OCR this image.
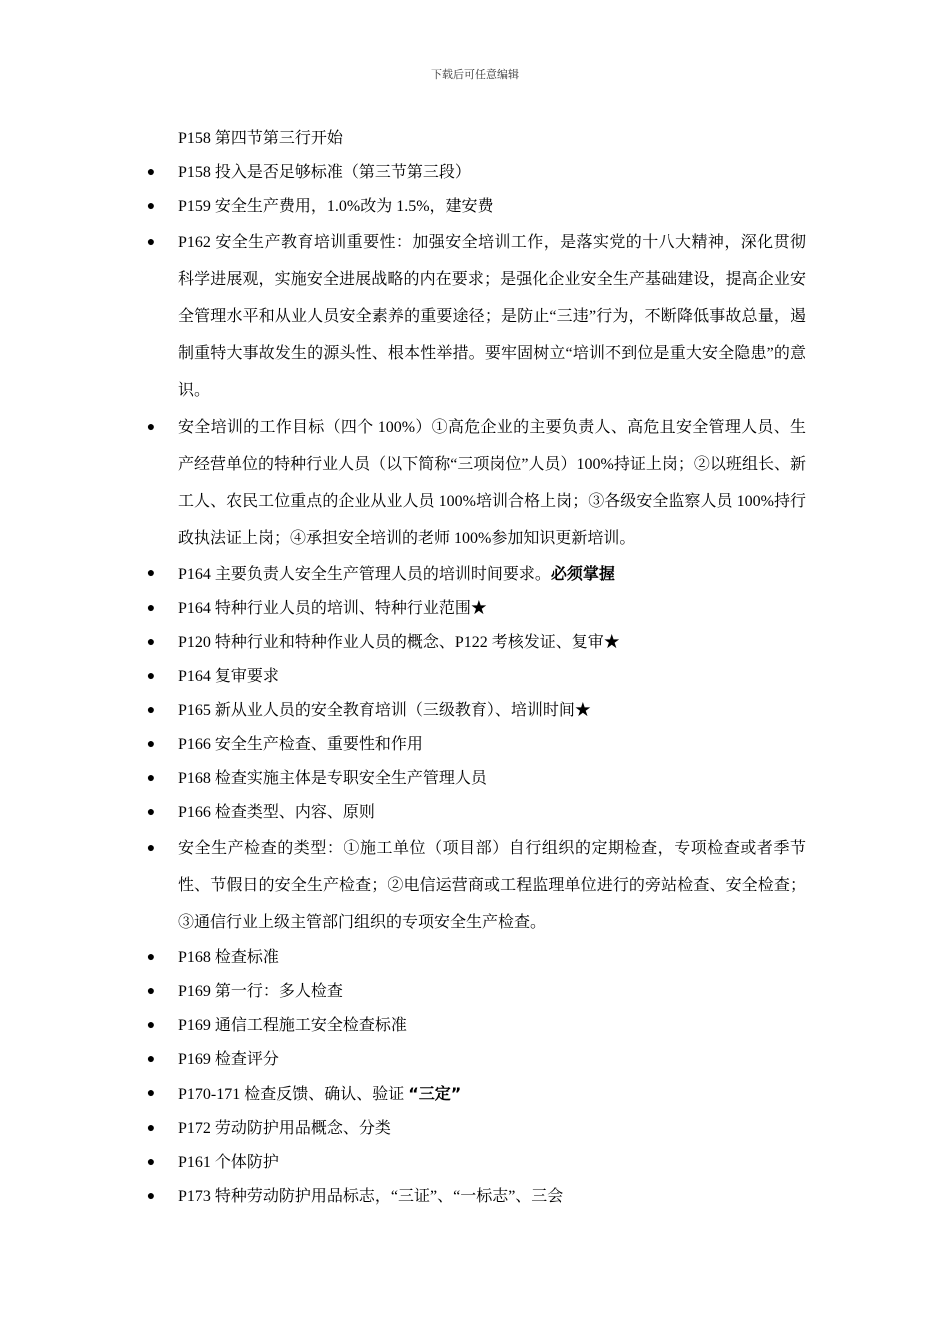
下载后可任意编辑
P158 第四节第三行开始
● P158 投入是否足够标准（第三节第三段）
● P159 安全生产费用，1.0%改为 1.5%，建安费
● P162 安全生产教育培训重要性：加强安全培训工作，是落实党的十八大精神，深化贯彻科学进展观，实施安全进展战略的内在要求；是强化企业安全生产基础建设，提高企业安全管理水平和从业人员安全素养的重要途径；是防止“三违”行为，不断降低事故总量，遏制重特大事故发生的源头性、根本性举措。要牢固树立“培训不到位是重大安全隐患”的意识。
● 安全培训的工作目标（四个 100%）①高危企业的主要负责人、高危且安全管理人员、生产经营单位的特种行业人员（以下简称“三项岗位”人员）100%持证上岗；②以班组长、新工人、农民工位重点的企业从业人员 100%培训合格上岗；③各级安全监察人员 100%持行政执法证上岗；④承担安全培训的老师 100%参加知识更新培训。
● P164 主要负责人安全生产管理人员的培训时间要求。必须掌握
● P164 特种行业人员的培训、特种行业范围★
● P120 特种行业和特种作业人员的概念、P122 考核发证、复审★
● P164 复审要求
● P165 新从业人员的安全教育培训（三级教育）、培训时间★
● P166 安全生产检查、重要性和作用
● P168 检查实施主体是专职安全生产管理人员
● P166 检查类型、内容、原则
● 安全生产检查的类型：①施工单位（项目部）自行组织的定期检查，专项检查或者季节性、节假日的安全生产检查；②电信运营商或工程监理单位进行的旁站检查、安全检查；③通信行业上级主管部门组织的专项安全生产检查。
● P168 检查标准
● P169 第一行：多人检查
● P169 通信工程施工安全检查标准
● P169 检查评分
● P170-171 检查反馈、确认、验证 “三定”
● P172 劳动防护用品概念、分类
● P161 个体防护
● P173 特种劳动防护用品标志，“三证”、“一标志”、三会
